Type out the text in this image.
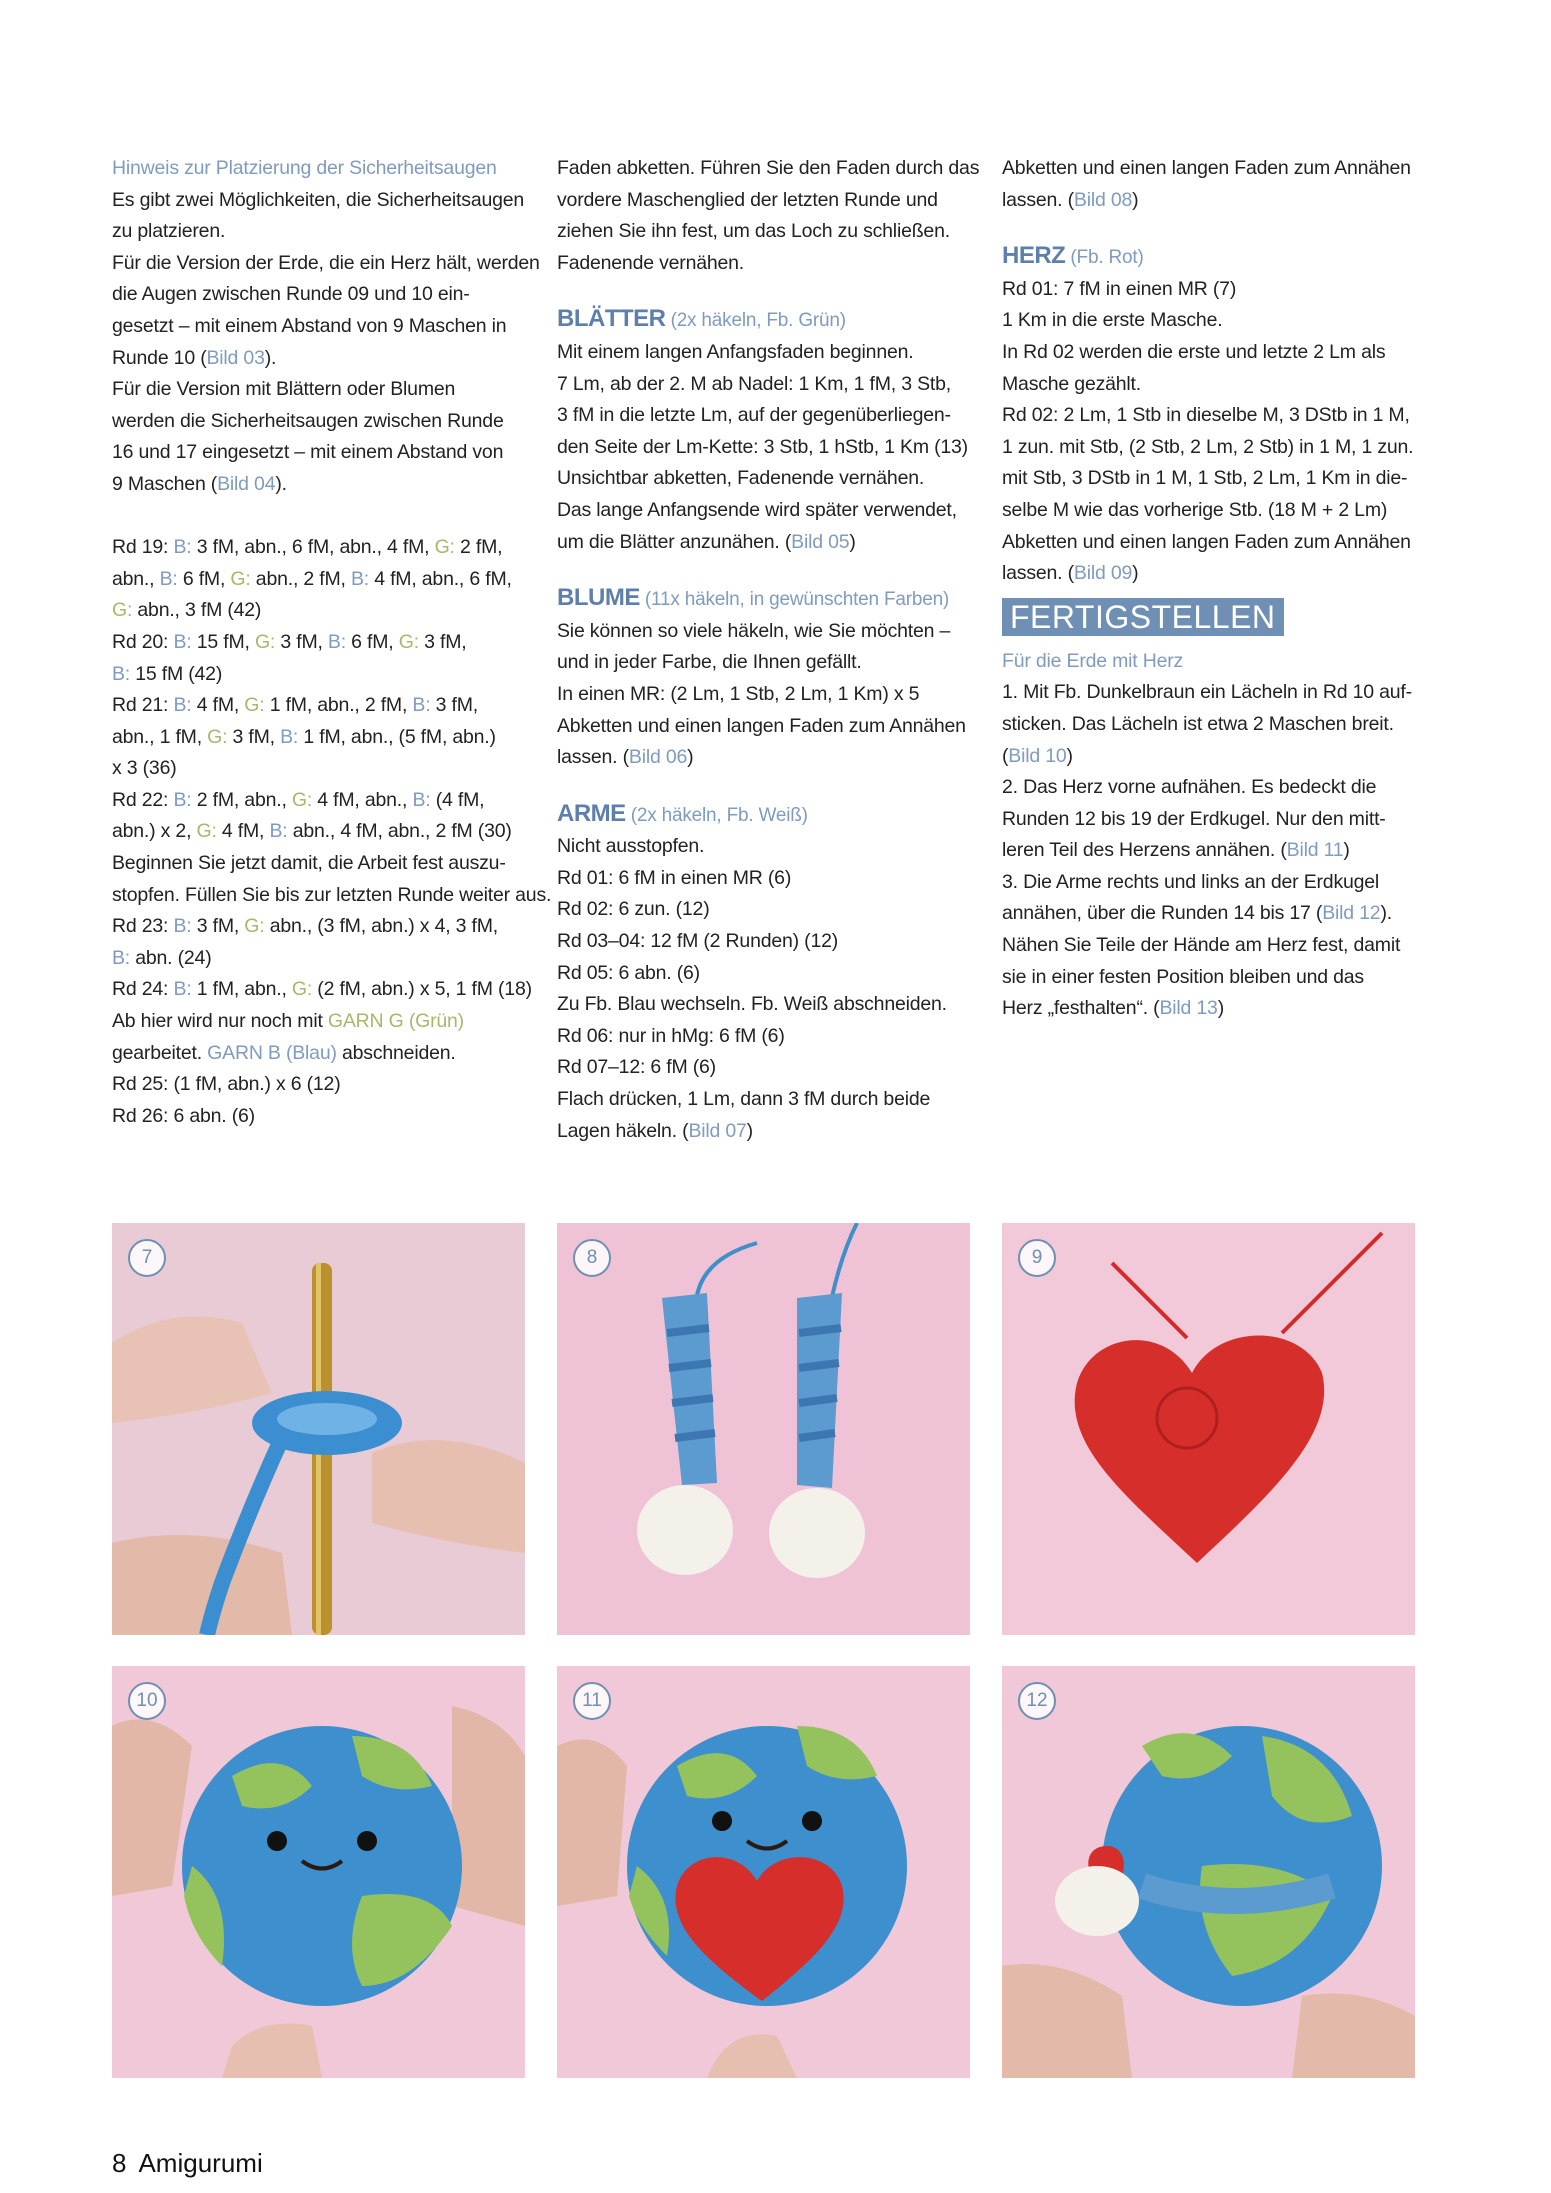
Hinweis zur Platzierung der Sicherheitsaugen
Es gibt zwei Möglichkeiten, die Sicherheitsaugen
zu platzieren.
Für die Version der Erde, die ein Herz hält, werden
die Augen zwischen Runde 09 und 10 ein-
gesetzt – mit einem Abstand von 9 Maschen in
Runde 10 (Bild 03).
Für die Version mit Blättern oder Blumen
werden die Sicherheitsaugen zwischen Runde
16 und 17 eingesetzt – mit einem Abstand von
9 Maschen (Bild 04).
Rd 19: B: 3 fM, abn., 6 fM, abn., 4 fM, G: 2 fM,
abn., B: 6 fM, G: abn., 2 fM, B: 4 fM, abn., 6 fM,
G: abn., 3 fM (42)
Rd 20: B: 15 fM, G: 3 fM, B: 6 fM, G: 3 fM,
B: 15 fM (42)
Rd 21: B: 4 fM, G: 1 fM, abn., 2 fM, B: 3 fM,
abn., 1 fM, G: 3 fM, B: 1 fM, abn., (5 fM, abn.)
x 3 (36)
Rd 22: B: 2 fM, abn., G: 4 fM, abn., B: (4 fM,
abn.) x 2, G: 4 fM, B: abn., 4 fM, abn., 2 fM (30)
Beginnen Sie jetzt damit, die Arbeit fest auszu-
stopfen. Füllen Sie bis zur letzten Runde weiter aus.
Rd 23: B: 3 fM, G: abn., (3 fM, abn.) x 4, 3 fM,
B: abn. (24)
Rd 24: B: 1 fM, abn., G: (2 fM, abn.) x 5, 1 fM (18)
Ab hier wird nur noch mit GARN G (Grün)
gearbeitet. GARN B (Blau) abschneiden.
Rd 25: (1 fM, abn.) x 6 (12)
Rd 26: 6 abn. (6)
Faden abketten. Führen Sie den Faden durch das
vordere Maschenglied der letzten Runde und
ziehen Sie ihn fest, um das Loch zu schließen.
Fadenende vernähen.
BLÄTTER (2x häkeln, Fb. Grün)
Mit einem langen Anfangsfaden beginnen.
7 Lm, ab der 2. M ab Nadel: 1 Km, 1 fM, 3 Stb,
3 fM in die letzte Lm, auf der gegenüberliegen-
den Seite der Lm-Kette: 3 Stb, 1 hStb, 1 Km (13)
Unsichtbar abketten, Fadenende vernähen.
Das lange Anfangsende wird später verwendet,
um die Blätter anzunähen. (Bild 05)
BLUME (11x häkeln, in gewünschten Farben)
Sie können so viele häkeln, wie Sie möchten –
und in jeder Farbe, die Ihnen gefällt.
In einen MR: (2 Lm, 1 Stb, 2 Lm, 1 Km) x 5
Abketten und einen langen Faden zum Annähen
lassen. (Bild 06)
ARME (2x häkeln, Fb. Weiß)
Nicht ausstopfen.
Rd 01: 6 fM in einen MR (6)
Rd 02: 6 zun. (12)
Rd 03–04: 12 fM (2 Runden) (12)
Rd 05: 6 abn. (6)
Zu Fb. Blau wechseln. Fb. Weiß abschneiden.
Rd 06: nur in hMg: 6 fM (6)
Rd 07–12: 6 fM (6)
Flach drücken, 1 Lm, dann 3 fM durch beide
Lagen häkeln. (Bild 07)
Abketten und einen langen Faden zum Annähen
lassen. (Bild 08)
HERZ (Fb. Rot)
Rd 01: 7 fM in einen MR (7)
1 Km in die erste Masche.
In Rd 02 werden die erste und letzte 2 Lm als
Masche gezählt.
Rd 02: 2 Lm, 1 Stb in dieselbe M, 3 DStb in 1 M,
1 zun. mit Stb, (2 Stb, 2 Lm, 2 Stb) in 1 M, 1 zun.
mit Stb, 3 DStb in 1 M, 1 Stb, 2 Lm, 1 Km in die-
selbe M wie das vorherige Stb. (18 M + 2 Lm)
Abketten und einen langen Faden zum Annähen
lassen. (Bild 09)
FERTIGSTELLEN
Für die Erde mit Herz
1. Mit Fb. Dunkelbraun ein Lächeln in Rd 10 auf-
sticken. Das Lächeln ist etwa 2 Maschen breit.
(Bild 10)
2. Das Herz vorne aufnähen. Es bedeckt die
Runden 12 bis 19 der Erdkugel. Nur den mitt-
leren Teil des Herzens annähen. (Bild 11)
3. Die Arme rechts und links an der Erdkugel
annähen, über die Runden 14 bis 17 (Bild 12).
Nähen Sie Teile der Hände am Herz fest, damit
sie in einer festen Position bleiben und das
Herz „festhalten“. (Bild 13)
7	8	9
10	11	12
8 Amigurumi
